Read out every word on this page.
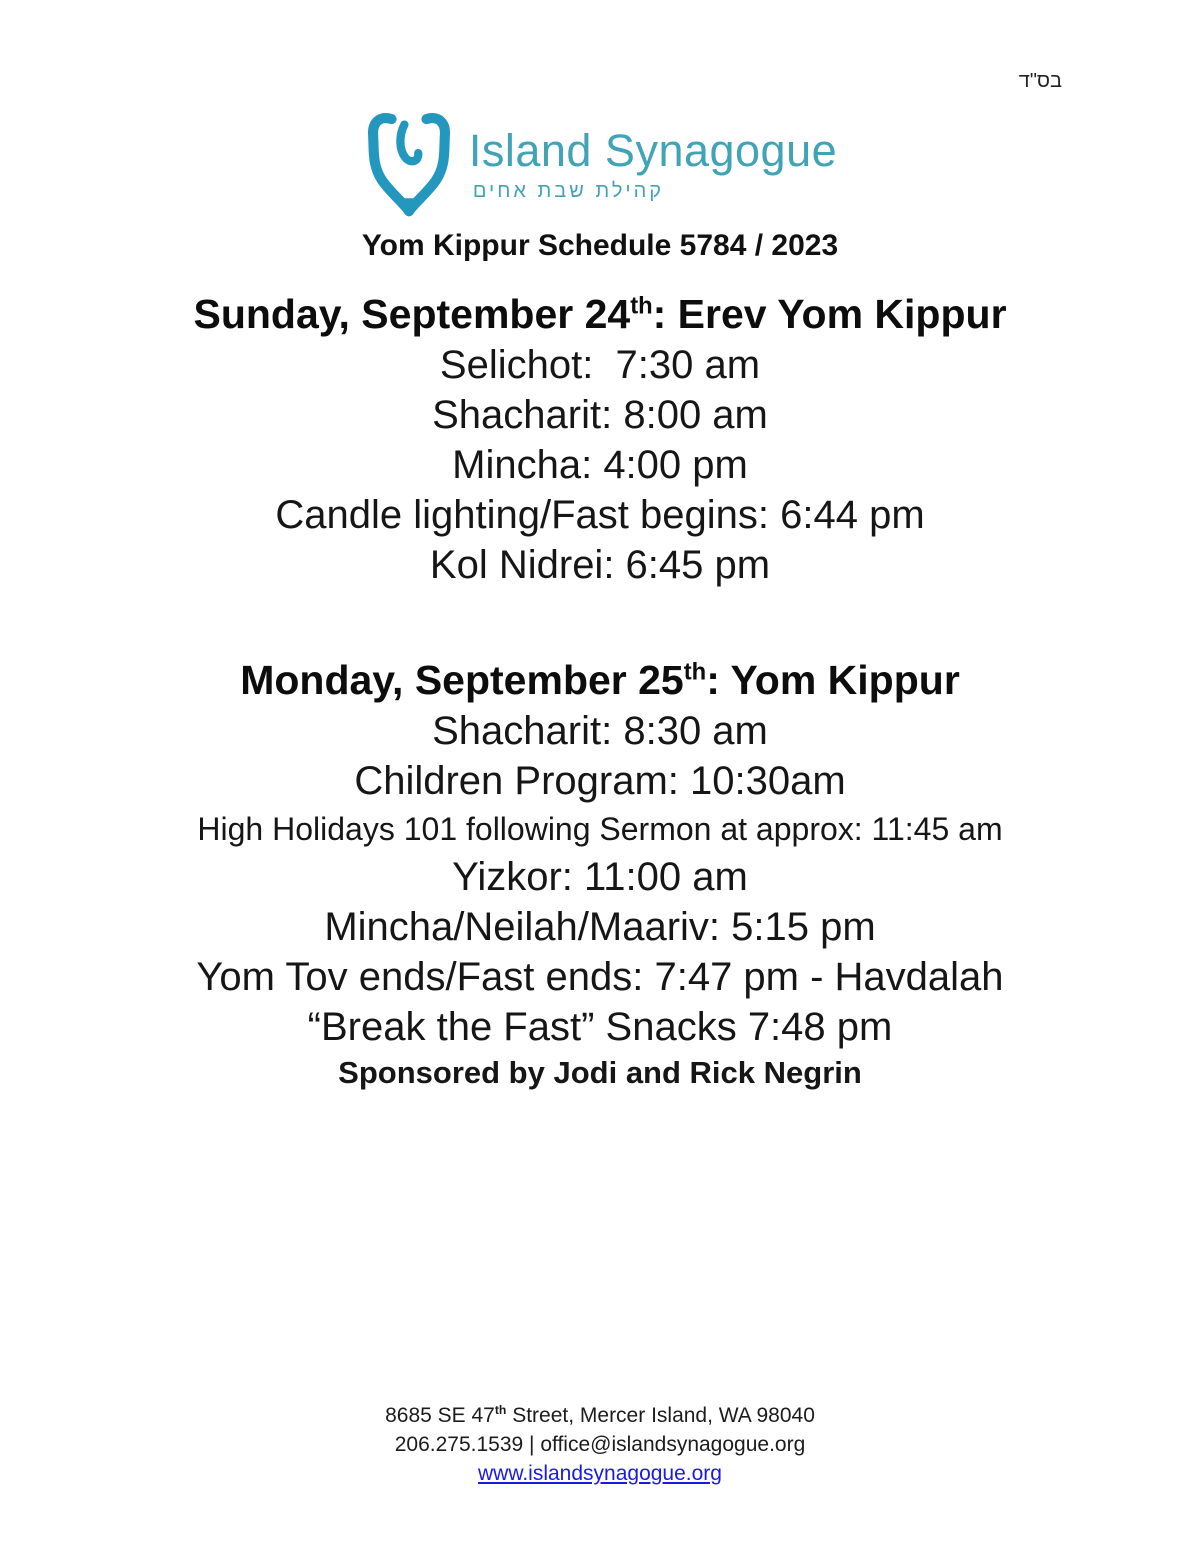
בס"ד
Island Synagogue
קהילת שבת אחים
Yom Kippur Schedule 5784 / 2023
Sunday, September 24th: Erev Yom Kippur
Selichot:  7:30 am
Shacharit: 8:00 am
Mincha: 4:00 pm
Candle lighting/Fast begins: 6:44 pm
Kol Nidrei: 6:45 pm
Monday, September 25th: Yom Kippur
Shacharit: 8:30 am
Children Program: 10:30am
High Holidays 101 following Sermon at approx: 11:45 am
Yizkor: 11:00 am
Mincha/Neilah/Maariv: 5:15 pm
Yom Tov ends/Fast ends: 7:47 pm - Havdalah
“Break the Fast” Snacks 7:48 pm
Sponsored by Jodi and Rick Negrin
8685 SE 47th Street, Mercer Island, WA 98040
206.275.1539 | office@islandsynagogue.org
www.islandsynagogue.org
